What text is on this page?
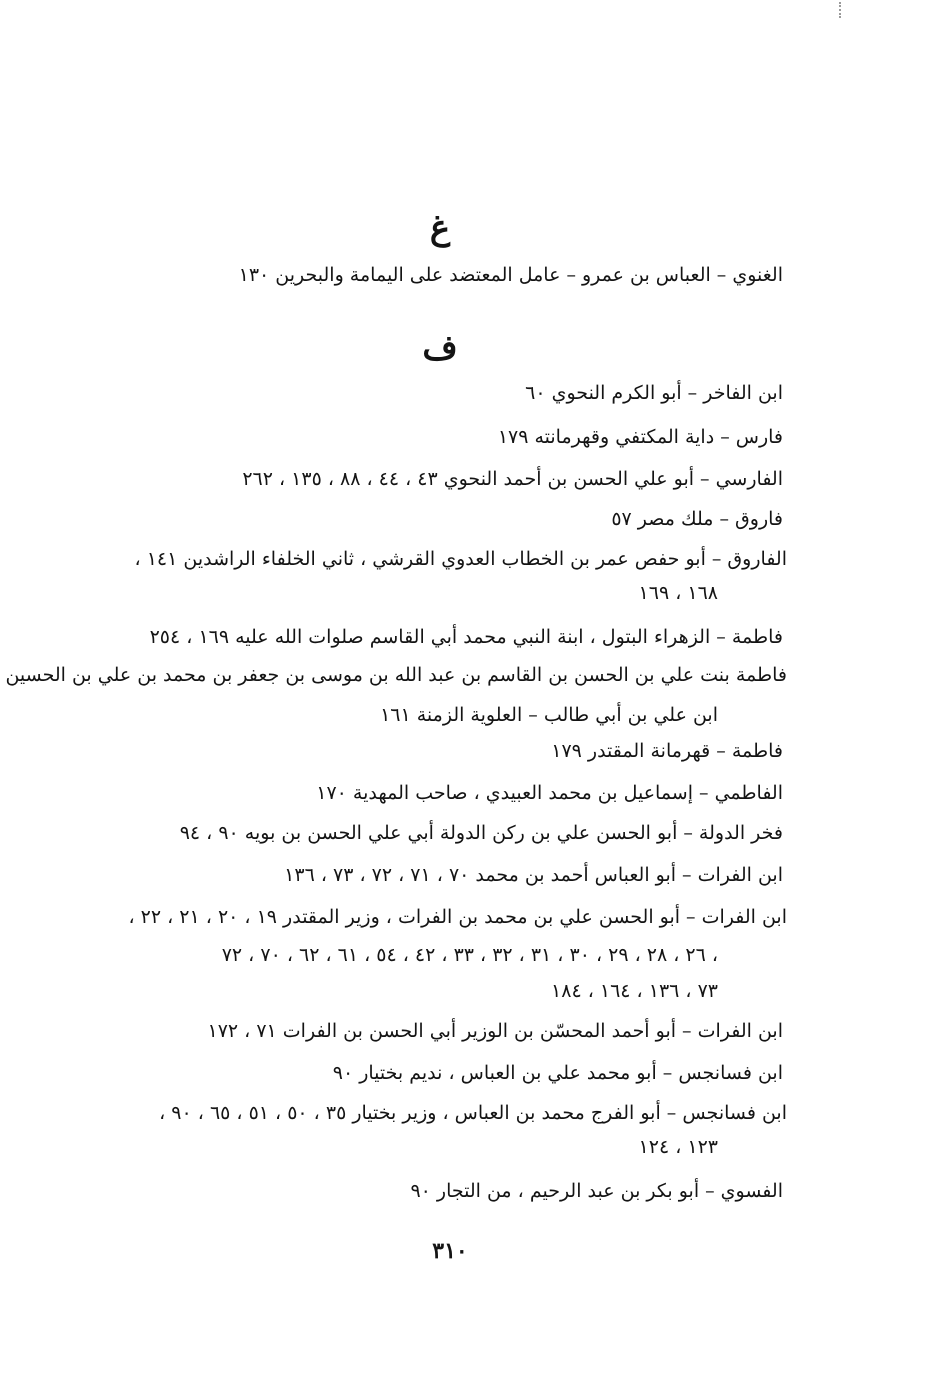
غ
الغنوي – العباس بن عمرو – عامل المعتضد على اليمامة والبحرين ١٣٠
ف
ابن الفاخر – أبو الكرم النحوي ٦٠
فارس – داية المكتفي وقهرمانته ١٧٩
الفارسي – أبو علي الحسن بن أحمد النحوي ٤٣ ، ٤٤ ، ٨٨ ، ١٣٥ ، ٢٦٢
فاروق – ملك مصر ٥٧
الفاروق – أبو حفص عمر بن الخطاب العدوي القرشي ، ثاني الخلفاء الراشدين ١٤١ ،
١٦٨ ، ١٦٩
فاطمة – الزهراء البتول ، ابنة النبي محمد أبي القاسم صلوات الله عليه ١٦٩ ، ٢٥٤
فاطمة بنت علي بن الحسن بن القاسم بن عبد الله بن موسى بن جعفر بن محمد بن علي بن الحسين
ابن علي بن أبي طالب – العلوية الزمنة ١٦١
فاطمة – قهرمانة المقتدر ١٧٩
الفاطمي – إسماعيل بن محمد العبيدي ، صاحب المهدية ١٧٠
فخر الدولة – أبو الحسن علي بن ركن الدولة أبي علي الحسن بن بويه ٩٠ ، ٩٤
ابن الفرات – أبو العباس أحمد بن محمد ٧٠ ، ٧١ ، ٧٢ ، ٧٣ ، ١٣٦
ابن الفرات – أبو الحسن علي بن محمد بن الفرات ، وزير المقتدر ١٩ ، ٢٠ ، ٢١ ، ٢٢ ،
٢٦ ، ٢٨ ، ٢٩ ، ٣٠ ، ٣١ ، ٣٢ ، ٣٣ ، ٤٢ ، ٥٤ ، ٦١ ، ٦٢ ، ٧٠ ، ٧٢ ،
٧٣ ، ١٣٦ ، ١٦٤ ، ١٨٤
ابن الفرات – أبو أحمد المحسّن بن الوزير أبي الحسن بن الفرات ٧١ ، ١٧٢
ابن فسانجس – أبو محمد علي بن العباس ، نديم بختيار ٩٠
ابن فسانجس – أبو الفرج محمد بن العباس ، وزير بختيار ٣٥ ، ٥٠ ، ٥١ ، ٦٥ ، ٩٠ ،
١٢٣ ، ١٢٤
الفسوي – أبو بكر بن عبد الرحيم ، من التجار ٩٠
٣١٠
